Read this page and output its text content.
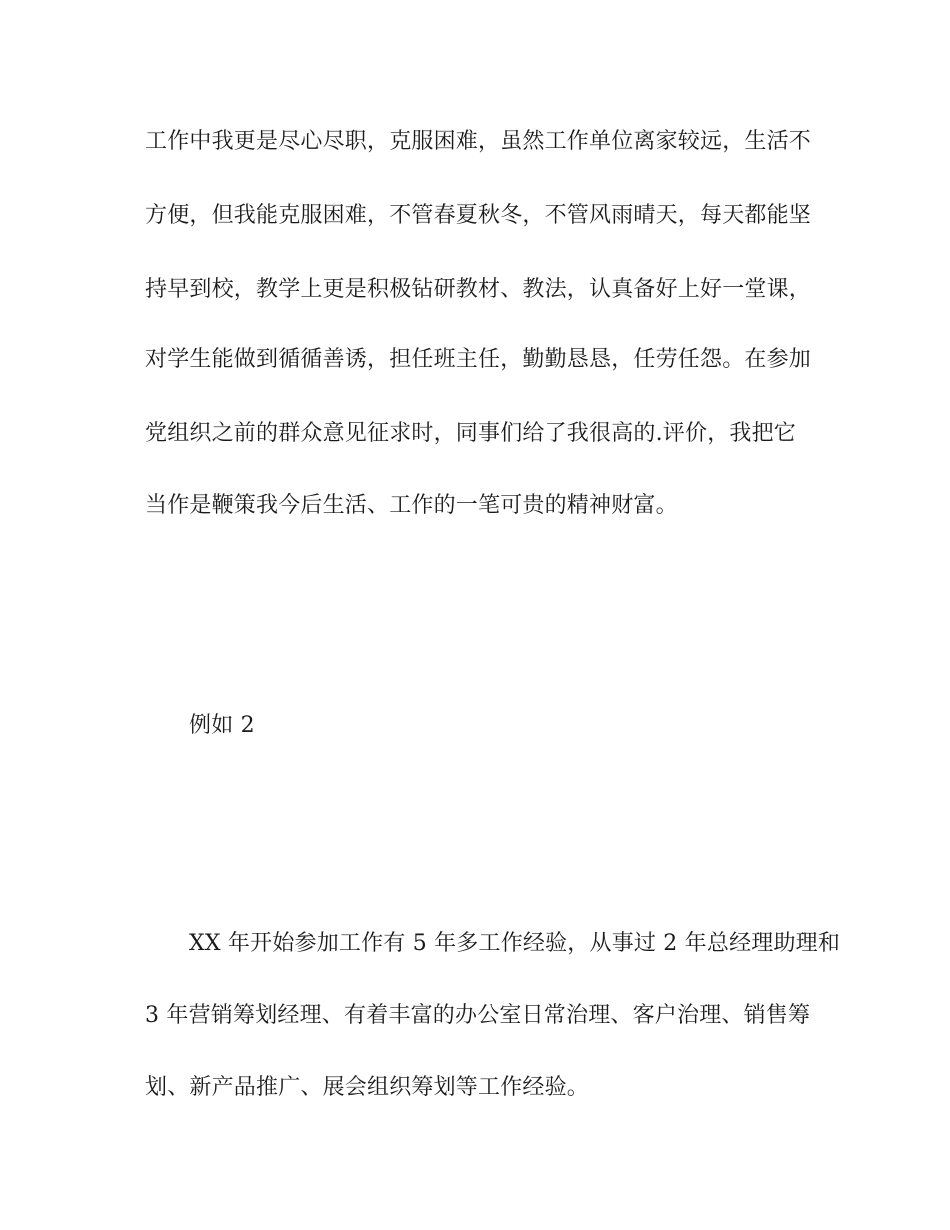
工作中我更是尽心尽职，克服困难，虽然工作单位离家较远，生活不
方便，但我能克服困难，不管春夏秋冬，不管风雨晴天，每天都能坚
持早到校，教学上更是积极钻研教材、教法，认真备好上好一堂课，
对学生能做到循循善诱，担任班主任，勤勤恳恳，任劳任怨。在参加
党组织之前的群众意见征求时，同事们给了我很高的.评价，我把它
当作是鞭策我今后生活、工作的一笔可贵的精神财富。
例如 2
XX 年开始参加工作有 5 年多工作经验，从事过 2 年总经理助理和
3 年营销筹划经理、有着丰富的办公室日常治理、客户治理、销售筹
划、新产品推广、展会组织筹划等工作经验。
